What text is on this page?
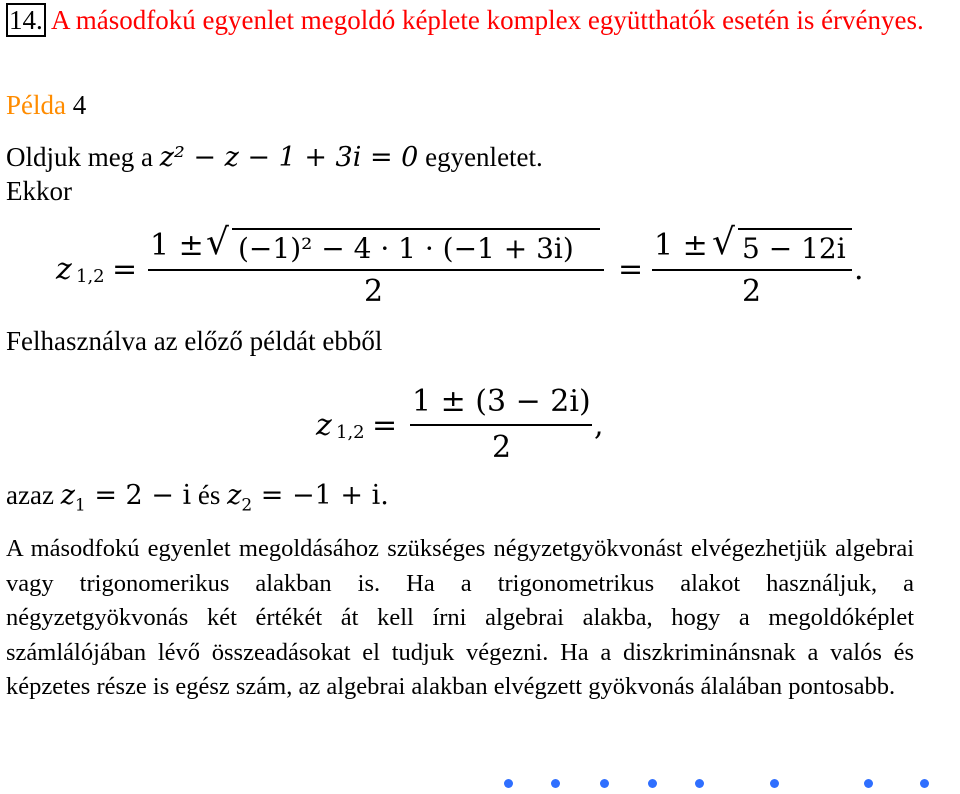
14. A másodfokú egyenlet megoldó képlete komplex együtthatók esetén is érvényes.
Példa 4
Oldjuk meg a z² − z − 1 + 3i = 0 egyenletet.
Ekkor
z 1,2 =
1 ± √ (−1)² − 4 · 1 · (−1 + 3i)
2
=
1 ± √ 5 − 12i
2
.
Felhasználva az előző példát ebből
z 1,2 =
1 ± (3 − 2i)
2
,
azaz $z_1 = 2 - i$ és $z_2 = -1 + i$.
A másodfokú egyenlet megoldásához szükséges négyzetgyökvonást elvégezhetjük algebrai vagy trigonomerikus alakban is. Ha a trigonometrikus alakot használjuk, a négyzetgyökvonás két értékét át kell írni algebrai alakba, hogy a megoldóképlet számlálójában lévő összeadásokat el tudjuk végezni. Ha a diszkriminánsnak a valós és képzetes része is egész szám, az algebrai alakban elvégzett gyökvonás álalában pontosabb.
First Prev Next Last Go Back Full Screen Close Quit
